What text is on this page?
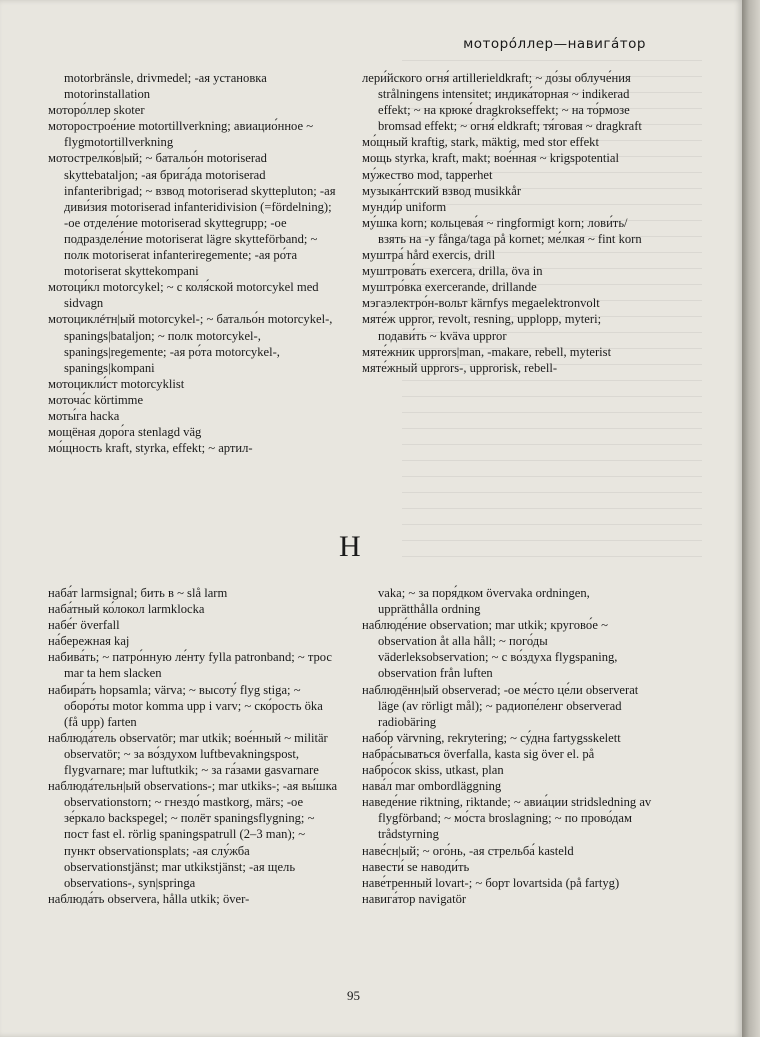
моторо́ллер—навига́тор

motorbränsle, drivmedel; -ая установка motorinstallation

моторо́ллер skoter

моторострое́ние motortillverkning; авиацио́нное ~ flygmotortillverkning

мотострелко́в|ый; ~ батальо́н motoriserad skyttebataljon; -ая брига́да motoriserad infanteribrigad; ~ взвод motoriserad skyttepluton; -ая диви́зия motoriserad infanteridivision (=fördelning); -ое отделе́ние motoriserad skyttegrupp; -ое подразделе́ние motoriserat lägre skytteförband; ~ полк motoriserat infanteriregemente; -ая ро́та motoriserat skyttekompani

мотоци́кл motorcykel; ~ с коля́ской motorcykel med sidvagn

мотоциклéтн|ый motorcykel-; ~ батальо́н motorcykel-, spanings|bataljon; ~ полк motorcykel-, spanings|regemente; -ая ро́та motorcykel-, spanings|kompani

мотоцикли́ст motorcyklist

моточа́с körtimme

моты́га hacka

мощёная доро́га stenlagd väg

мо́щность kraft, styrka, effekt; ~ артил-

лери́йского огня́ artillerieldkraft; ~ до́зы облуче́ния strålningens intensitet; индика́торная ~ indikerad effekt; ~ на крюке́ dragkrokseffekt; ~ на то́рмозе bromsad effekt; ~ огня́ eldkraft; тя́говая ~ dragkraft

мо́щный kraftig, stark, mäktig, med stor effekt

мощь styrka, kraft, makt; вое́нная ~ krigspotential

му́жество mod, tapperhet

музыка́нтский взвод musikkår

мунди́р uniform

му́шка korn; кольцева́я ~ ringformigt korn; лови́ть/взять на -у fånga/taga på kornet; ме́лкая ~ fint korn

муштра́ hård exercis, drill

муштрова́ть exercera, drilla, öva in

муштро́вка exercerande, drillande

мэгаэлектро́н-вольт kärnfys megaelektronvolt

мяте́ж uppror, revolt, resning, upplopp, myteri; подави́ть ~ kväva uppror

мяте́жник upprors|man, -makare, rebell, myterist

мяте́жный upprors-, upprorisk, rebell-

Н

наба́т larmsignal; бить в ~ slå larm

наба́тный ко́локол larmklocka

набе́г överfall

на́бережная kaj

набива́ть; ~ патро́нную ле́нту fylla patronband; ~ трос mar ta hem slacken

набира́ть hopsamla; värva; ~ высоту́ flyg stiga; ~ оборо́ты motor komma upp i varv; ~ ско́рость öka (få upp) farten

наблюда́тель observatör; mar utkik; вое́нный ~ militär observatör; ~ за во́здухом luftbevakningspost, flygvarnare; mar luftutkik; ~ за га́зами gasvarnare

наблюда́тельн|ый observations-; mar utkiks-; -ая вы́шка observationstorn; ~ гнездо́ mastkorg, märs; -ое зе́ркало backspegel; ~ полёт spaningsflygning; ~ пост fast el. rörlig spaningspatrull (2–3 man); ~ пункт observationsplats; -ая слу́жба observationstjänst; mar utkikstjänst; -ая щель observations-, syn|springa

наблюда́ть observera, hålla utkik; över-

vaka; ~ за поря́дком övervaka ordningen, upprätthålla ordning

наблюде́ние observation; mar utkik; кругово́е ~ observation åt alla håll; ~ пого́ды väderleksobservation; ~ с во́здуха flygspaning, observation från luften

наблюдённ|ый observerad; -ое ме́сто це́ли observerat läge (av rörligt mål); ~ радиопе́ленг observerad radiobäring

набо́р värvning, rekrytering; ~ су́дна fartygsskelett

набра́сываться överfalla, kasta sig över el. på

набро́сок skiss, utkast, plan

нава́л mar ombordläggning

наведе́ние riktning, riktande; ~ авиа́ции stridsledning av flygförband; ~ мо́ста broslagning; ~ по прово́дам trådstyrning

наве́сн|ый; ~ ого́нь, -ая стрельба́ kasteld

навести́ se наводи́ть

наве́тренный lovart-; ~ борт lovartsida (på fartyg)

навига́тор navigatör

95
